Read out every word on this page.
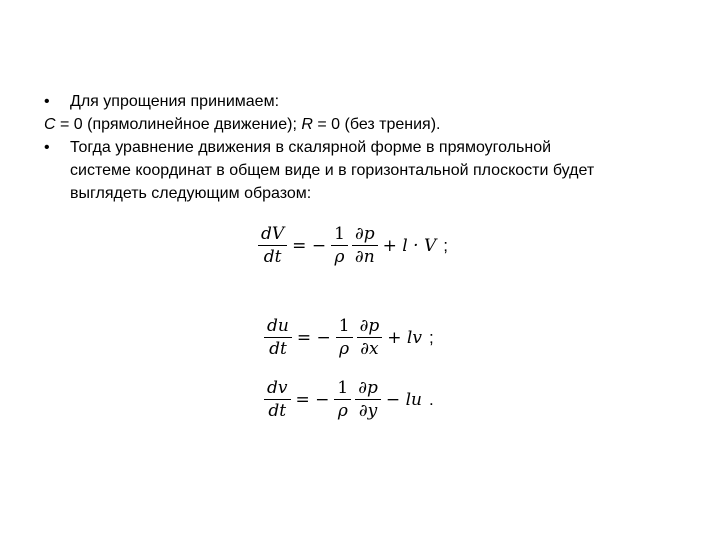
•	Для упрощения принимаем:
C = 0 (прямолинейное движение); R = 0 (без трения).
•	Тогда уравнение движения в скалярной форме в прямоугольной
системе координат в общем виде и в горизонтальной плоскости будет
выглядеть следующим образом:
$\frac{dV}{dt}$ = − $\frac{1}{\rho} \frac{\partial p}{\partial n} + l \cdot V$ ;
$\frac{du}{dt}$ = − $\frac{1}{\rho} \frac{\partial p}{\partial x}$ + lv ;
$\frac{dv}{dt}$ = − $\frac{1}{\rho} \frac{\partial p}{\partial y}$ − lu .
